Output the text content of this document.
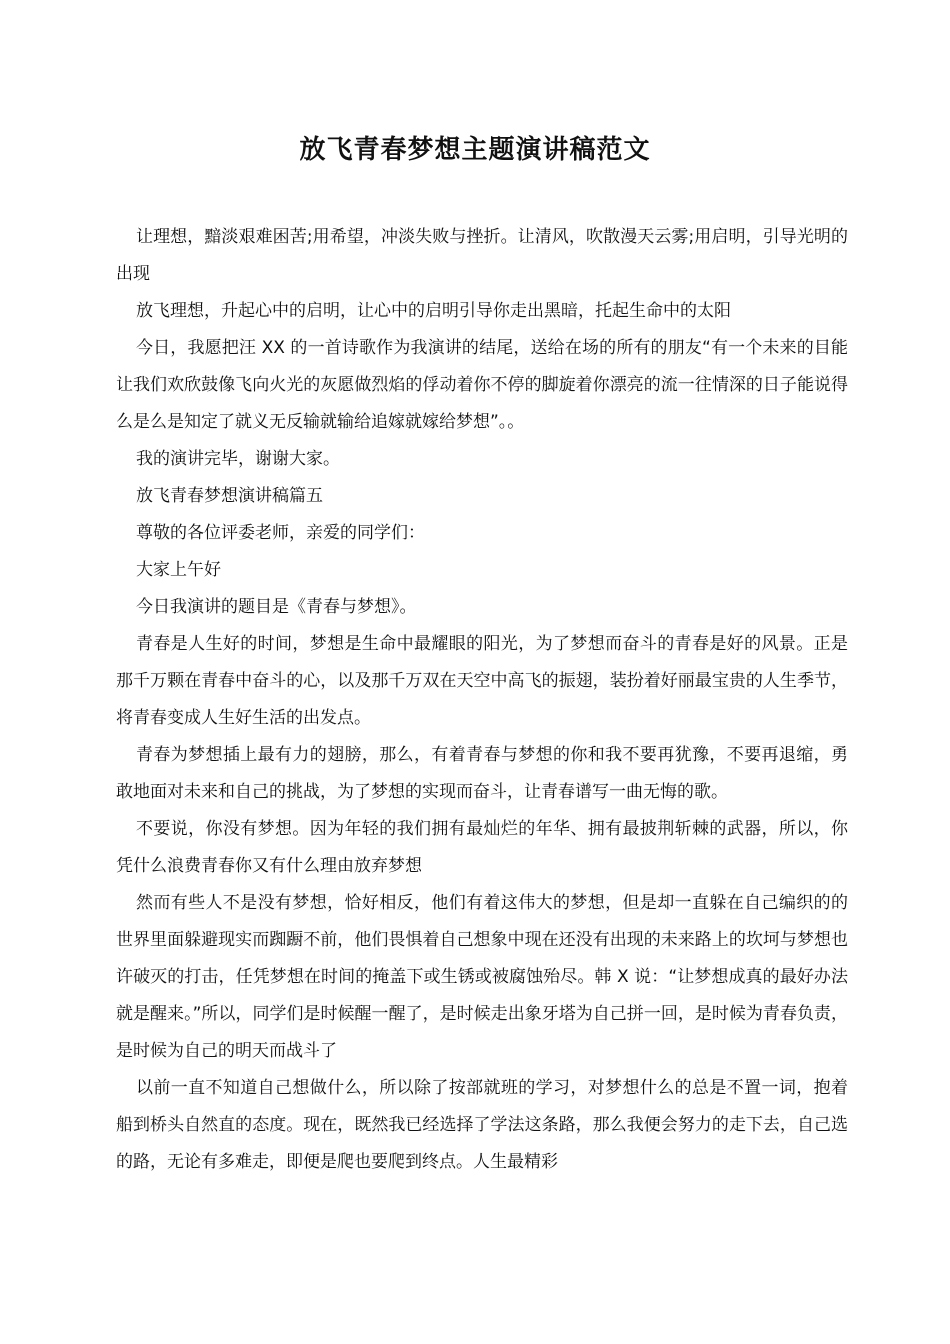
放飞青春梦想主题演讲稿范文

让理想，黯淡艰难困苦;用希望，冲淡失败与挫折。让清风，吹散漫天云雾;用启明，引导光明的出现

放飞理想，升起心中的启明，让心中的启明引导你走出黑暗，托起生命中的太阳

今日，我愿把汪 XX 的一首诗歌作为我演讲的结尾，送给在场的所有的朋友“有一个未来的目能让我们欢欣鼓像飞向火光的灰愿做烈焰的俘动着你不停的脚旋着你漂亮的流一往情深的日子能说得么是么是知定了就义无反输就输给追嫁就嫁给梦想”。。

我的演讲完毕，谢谢大家。

放飞青春梦想演讲稿篇五

尊敬的各位评委老师，亲爱的同学们：

大家上午好

今日我演讲的题目是《青春与梦想》。

青春是人生好的时间，梦想是生命中最耀眼的阳光，为了梦想而奋斗的青春是好的风景。正是那千万颗在青春中奋斗的心，以及那千万双在天空中高飞的振翅，装扮着好丽最宝贵的人生季节，将青春变成人生好生活的出发点。

青春为梦想插上最有力的翅膀，那么，有着青春与梦想的你和我不要再犹豫，不要再退缩，勇敢地面对未来和自己的挑战，为了梦想的实现而奋斗，让青春谱写一曲无悔的歌。

不要说，你没有梦想。因为年轻的我们拥有最灿烂的年华、拥有最披荆斩棘的武器，所以，你凭什么浪费青春你又有什么理由放弃梦想

然而有些人不是没有梦想，恰好相反，他们有着这伟大的梦想，但是却一直躲在自己编织的的世界里面躲避现实而踟蹰不前，他们畏惧着自己想象中现在还没有出现的未来路上的坎坷与梦想也许破灭的打击，任凭梦想在时间的掩盖下或生锈或被腐蚀殆尽。韩 X 说：“让梦想成真的最好办法就是醒来。”所以，同学们是时候醒一醒了，是时候走出象牙塔为自己拼一回，是时候为青春负责，是时候为自己的明天而战斗了

以前一直不知道自己想做什么，所以除了按部就班的学习，对梦想什么的总是不置一词，抱着船到桥头自然直的态度。现在，既然我已经选择了学法这条路，那么我便会努力的走下去，自己选的路，无论有多难走，即便是爬也要爬到终点。人生最精彩
